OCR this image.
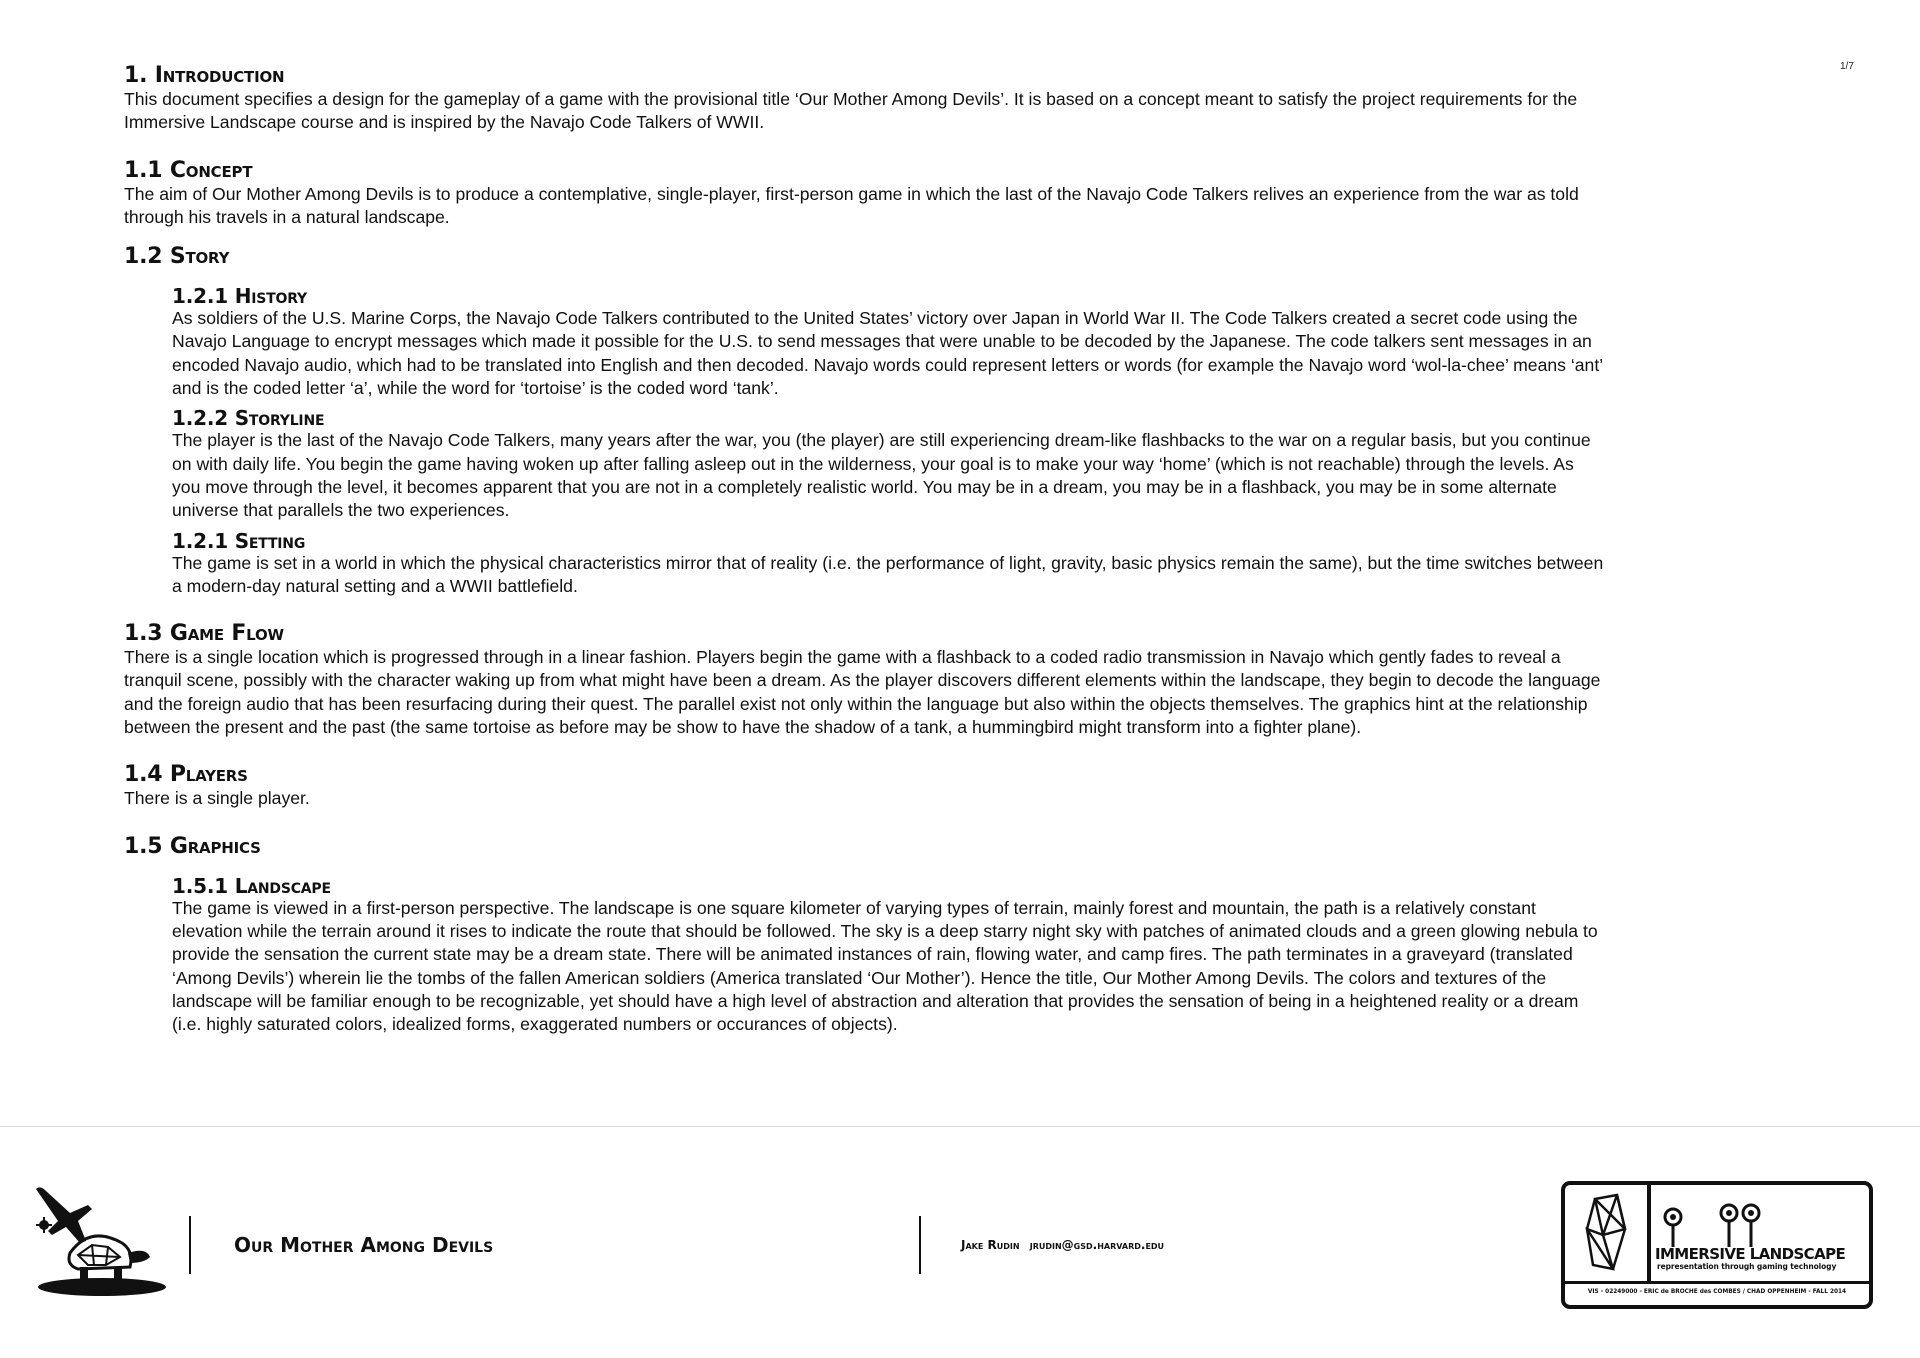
1/7
1. Introduction

This document specifies a design for the gameplay of a game with the provisional title ‘Our Mother Among Devils’. It is based on a concept meant to satisfy the project requirements for the Immersive Landscape course and is inspired by the Navajo Code Talkers of WWII.

1.1 Concept

The aim of Our Mother Among Devils is to produce a contemplative, single-player, first-person game in which the last of the Navajo Code Talkers relives an experience from the war as told through his travels in a natural landscape.

1.2 Story
1.2.1 History

As soldiers of the U.S. Marine Corps, the Navajo Code Talkers contributed to the United States’ victory over Japan in World War II. The Code Talkers created a secret code using the Navajo Language to encrypt messages which made it possible for the U.S. to send messages that were unable to be decoded by the Japanese. The code talkers sent messages in an encoded Navajo audio, which had to be translated into English and then decoded. Navajo words could represent letters or words (for example the Navajo word ‘wol-la-chee’ means ‘ant’ and is the coded letter ‘a’, while the word for ‘tortoise’ is the coded word ‘tank’.

1.2.2 Storyline

The player is the last of the Navajo Code Talkers, many years after the war, you (the player) are still experiencing dream-like flashbacks to the war on a regular basis, but you continue on with daily life. You begin the game having woken up after falling asleep out in the wilderness, your goal is to make your way ‘home’ (which is not reachable) through the levels. As you move through the level, it becomes apparent that you are not in a completely realistic world. You may be in a dream, you may be in a flashback, you may be in some alternate universe that parallels the two experiences.

1.2.1 Setting

The game is set in a world in which the physical characteristics mirror that of reality (i.e. the performance of light, gravity, basic physics remain the same), but the time switches between a modern-day natural setting and a WWII battlefield.

1.3 Game Flow

There is a single location which is progressed through in a linear fashion. Players begin the game with a flashback to a coded radio transmission in Navajo which gently fades to reveal a tranquil scene, possibly with the character waking up from what might have been a dream. As the player discovers different elements within the landscape, they begin to decode the language and the foreign audio that has been resurfacing during their quest. The parallel exist not only within the language but also within the objects themselves. The graphics hint at the relationship between the present and the past (the same tortoise as before may be show to have the shadow of a tank, a hummingbird might transform into a fighter plane).

1.4 Players

There is a single player.

1.5 Graphics
1.5.1 Landscape

The game is viewed in a first-person perspective. The landscape is one square kilometer of varying types of terrain, mainly forest and mountain, the path is a relatively constant elevation while the terrain around it rises to indicate the route that should be followed. The sky is a deep starry night sky with patches of animated clouds and a green glowing nebula to provide the sensation the current state may be a dream state. There will be animated instances of rain, flowing water, and camp fires. The path terminates in a graveyard (translated ‘Among Devils’) wherein lie the tombs of the fallen American soldiers (America translated ‘Our Mother’). Hence the title, Our Mother Among Devils. The colors and textures of the landscape will be familiar enough to be recognizable, yet should have a high level of abstraction and alteration that provides the sensation of being in a heightened reality or a dream (i.e. highly saturated colors, idealized forms, exaggerated numbers or occurances of objects).

Our Mother Among Devils	Jake Rudin jrudin@gsd.harvard.edu	IMMERSIVE LANDSCAPE
representation through gaming technology
VIS - 02249000 - ERIC de BROCHE des COMBES / CHAD OPPENHEIM - FALL 2014
